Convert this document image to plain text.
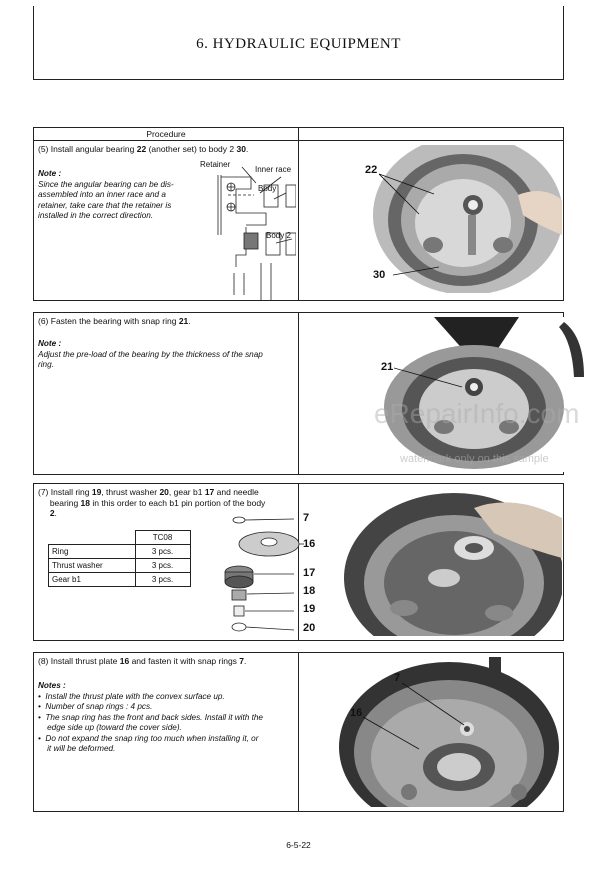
6. HYDRAULIC EQUIPMENT
Procedure
(5) Install angular bearing 22 (another set) to body 2 30.
Note :
Since the angular bearing can be dis-
assembled into an inner race and a
retainer, take care that the retainer is
installed in the correct direction.
Retainer
Inner race
Body
Body 2
22
30
(6) Fasten the bearing with snap ring 21.
Note :
Adjust the pre-load of the bearing by the thickness of the snap
ring.	21
eRepairInfo.com
watermark only on this sample
(7) Install ring 19, thrust washer 20, gear b1 17 and needle
bearing 18 in this order to each b1 pin portion of the body
2.
	TC08
Ring	3 pcs.
Thrust washer	3 pcs.
Gear b1	3 pcs.
7
16
17
18
19
20
(8) Install thrust plate 16 and fasten it with snap rings 7.
Notes :
•  Install the thrust plate with the convex surface up.
•  Number of snap rings : 4 pcs.
•  The snap ring has the front and back sides. Install it with the
edge side up (toward the cover side).
•  Do not expand the snap ring too much when installing it, or
it will be deformed.
7
16
6-5-22
